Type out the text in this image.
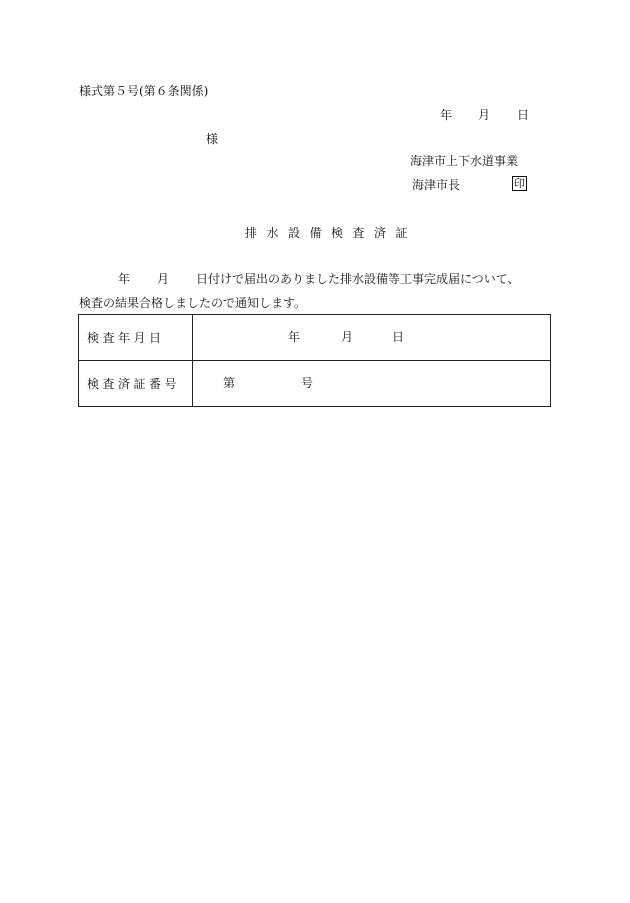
様式第５号(第６条関係)
年 月 日
様
海津市上下水道事業
海津市長	印
排水設備検査済証
年 月 日付けで届出のありました排水設備等工事完成届について、
検査の結果合格しましたので通知します。
検査年月日	年 月 日

検査済証番号	第 号
